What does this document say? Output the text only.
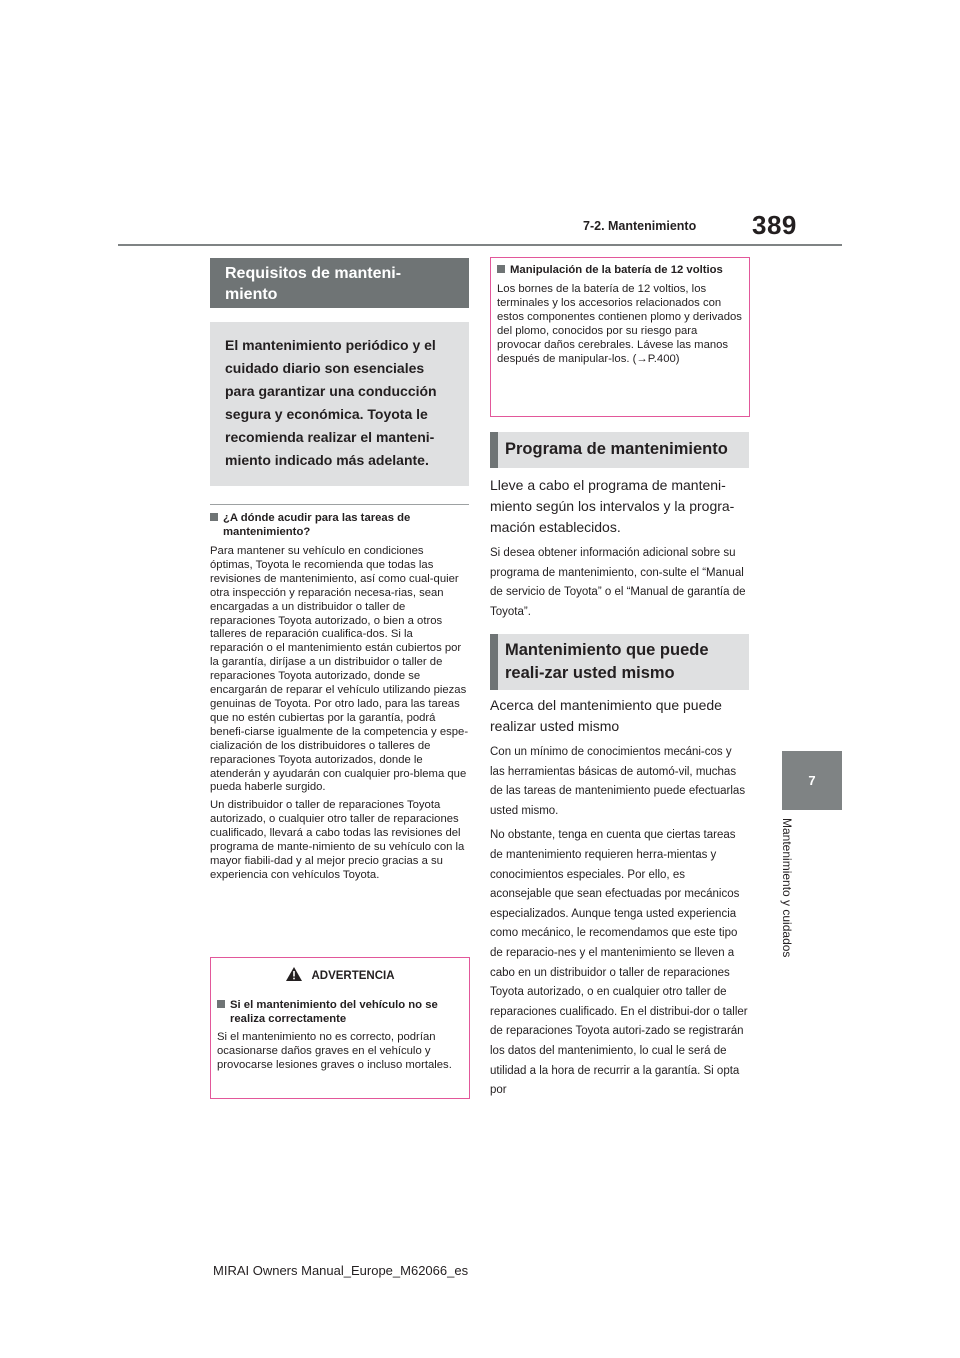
7-2. Mantenimiento 389
7
Mantenimiento y cuidados
Requisitos de manteni-
miento
El mantenimiento periódico y el cuidado diario son esenciales para garantizar una conducción segura y económica. Toyota le recomienda realizar el manteni-miento indicado más adelante.
¿A dónde acudir para las tareas de mantenimiento?

Para mantener su vehículo en condiciones óptimas, Toyota le recomienda que todas las revisiones de mantenimiento, así como cual-quier otra inspección y reparación necesa-rias, sean encargadas a un distribuidor o taller de reparaciones Toyota autorizado, o bien a otros talleres de reparación cualifica-dos. Si la reparación o el mantenimiento están cubiertos por la garantía, diríjase a un distribuidor o taller de reparaciones Toyota autorizado, donde se encargarán de reparar el vehículo utilizando piezas genuinas de Toyota. Por otro lado, para las tareas que no estén cubiertas por la garantía, podrá benefi-ciarse igualmente de la competencia y espe-cialización de los distribuidores o talleres de reparaciones Toyota autorizados, donde le atenderán y ayudarán con cualquier pro-blema que pueda haberle surgido.

Un distribuidor o taller de reparaciones Toyota autorizado, o cualquier otro taller de reparaciones cualificado, llevará a cabo todas las revisiones del programa de mante-nimiento de su vehículo con la mayor fiabili-dad y al mejor precio gracias a su experiencia con vehículos Toyota.

ADVERTENCIA
Si el mantenimiento del vehículo no se realiza correctamente

Si el mantenimiento no es correcto, podrían ocasionarse daños graves en el vehículo y provocarse lesiones graves o incluso mortales.

Manipulación de la batería de 12 voltios

Los bornes de la batería de 12 voltios, los terminales y los accesorios relacionados con estos componentes contienen plomo y derivados del plomo, conocidos por su riesgo para provocar daños cerebrales. Lávese las manos después de manipular-los. (→P.400)

Programa de mantenimiento

Lleve a cabo el programa de manteni-miento según los intervalos y la progra-mación establecidos.

Si desea obtener información adicional sobre su programa de mantenimiento, con-sulte el “Manual de servicio de Toyota” o el “Manual de garantía de Toyota”.

Mantenimiento que puede reali-zar usted mismo

Acerca del mantenimiento que puede realizar usted mismo

Con un mínimo de conocimientos mecáni-cos y las herramientas básicas de automó-vil, muchas de las tareas de mantenimiento puede efectuarlas usted mismo.

No obstante, tenga en cuenta que ciertas tareas de mantenimiento requieren herra-mientas y conocimientos especiales. Por ello, es aconsejable que sean efectuadas por mecánicos especializados. Aunque tenga usted experiencia como mecánico, le recomendamos que este tipo de reparacio-nes y el mantenimiento se lleven a cabo en un distribuidor o taller de reparaciones Toyota autorizado, o en cualquier otro taller de reparaciones cualificado. En el distribui-dor o taller de reparaciones Toyota autori-zado se registrarán los datos del mantenimiento, lo cual le será de utilidad a la hora de recurrir a la garantía. Si opta por

MIRAI Owners Manual_Europe_M62066_es
